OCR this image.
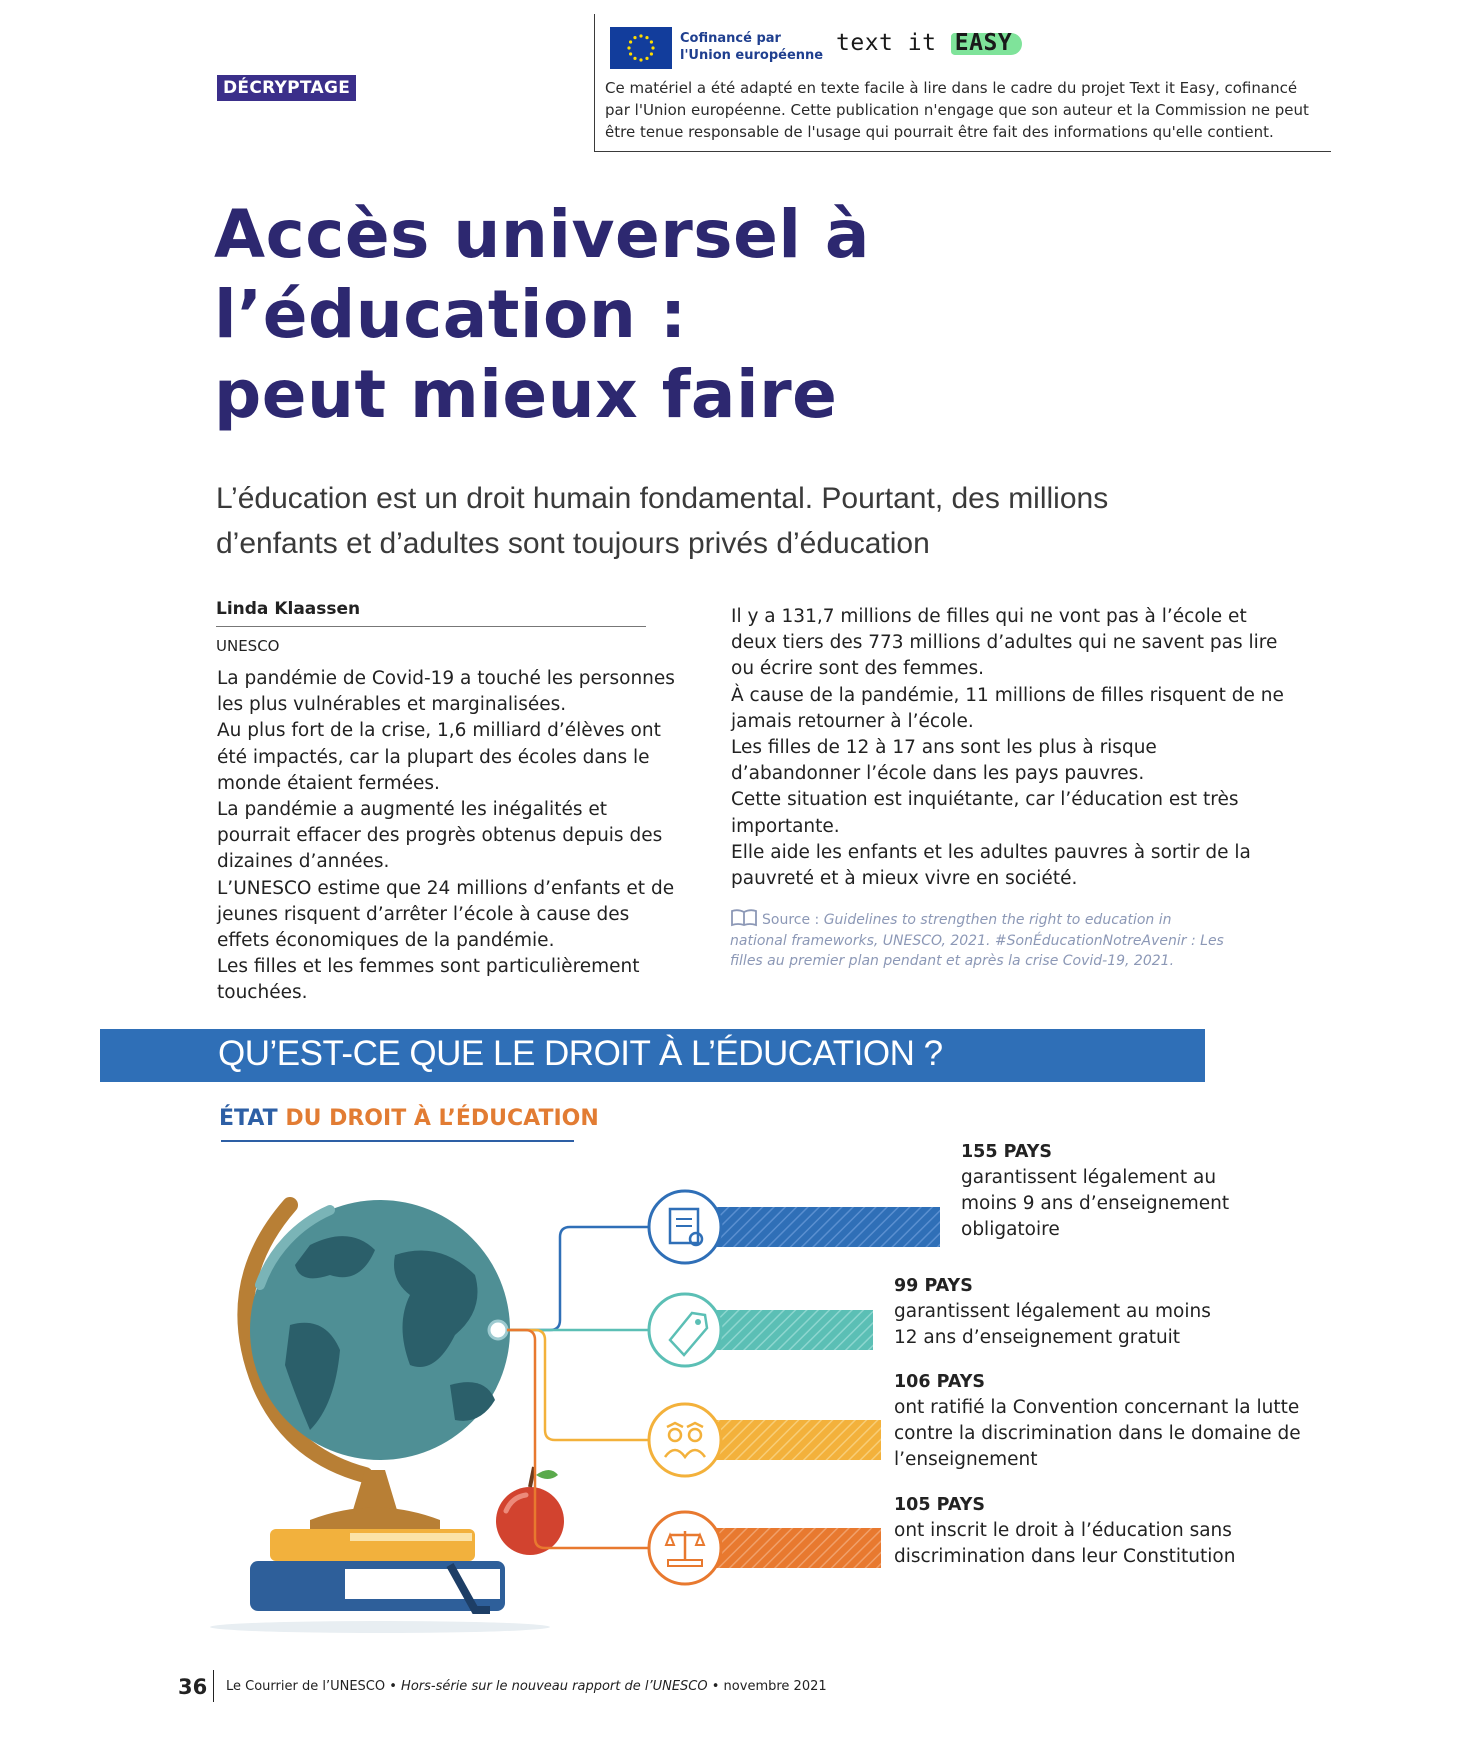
Cofinancé par
l'Union européenne text it EASY
Ce matériel a été adapté en texte facile à lire dans le cadre du projet Text it Easy, cofinancé par l'Union européenne. Cette publication n'engage que son auteur et la Commission ne peut être tenue responsable de l'usage qui pourrait être fait des informations qu'elle contient.
DÉCRYPTAGE
Accès universel à
l’éducation :
peut mieux faire
L’éducation est un droit humain fondamental. Pourtant, des millions d’enfants et d’adultes sont toujours privés d’éducation
Linda Klaassen
UNESCO

La pandémie de Covid-19 a touché les personnes les plus vulnérables et marginalisées.

Au plus fort de la crise, 1,6 milliard d’élèves ont été impactés, car la plupart des écoles dans le monde étaient fermées.

La pandémie a augmenté les inégalités et pourrait effacer des progrès obtenus depuis des dizaines d’années.

L’UNESCO estime que 24 millions d’enfants et de jeunes risquent d’arrêter l’école à cause des effets économiques de la pandémie.

Les filles et les femmes sont particulièrement touchées.

Il y a 131,7 millions de filles qui ne vont pas à l’école et deux tiers des 773 millions d’adultes qui ne savent pas lire ou écrire sont des femmes.

À cause de la pandémie, 11 millions de filles risquent de ne jamais retourner à l’école.

Les filles de 12 à 17 ans sont les plus à risque d’abandonner l’école dans les pays pauvres.

Cette situation est inquiétante, car l’éducation est très importante.

Elle aide les enfants et les adultes pauvres à sortir de la pauvreté et à mieux vivre en société.

Source : Guidelines to strengthen the right to education in national frameworks, UNESCO, 2021. #SonÉducationNotreAvenir : Les filles au premier plan pendant et après la crise Covid-19, 2021.
QU’EST-CE QUE LE DROIT À L’ÉDUCATION ?
ÉTAT DU DROIT À L’ÉDUCATION
155 PAYS
garantissent légalement au
moins 9 ans d’enseignement
obligatoire
99 PAYS
garantissent légalement au moins
12 ans d’enseignement gratuit
106 PAYS
ont ratifié la Convention concernant la lutte
contre la discrimination dans le domaine de
l’enseignement
105 PAYS
ont inscrit le droit à l’éducation sans
discrimination dans leur Constitution
36 Le Courrier de l’UNESCO • Hors-série sur le nouveau rapport de l’UNESCO • novembre 2021
